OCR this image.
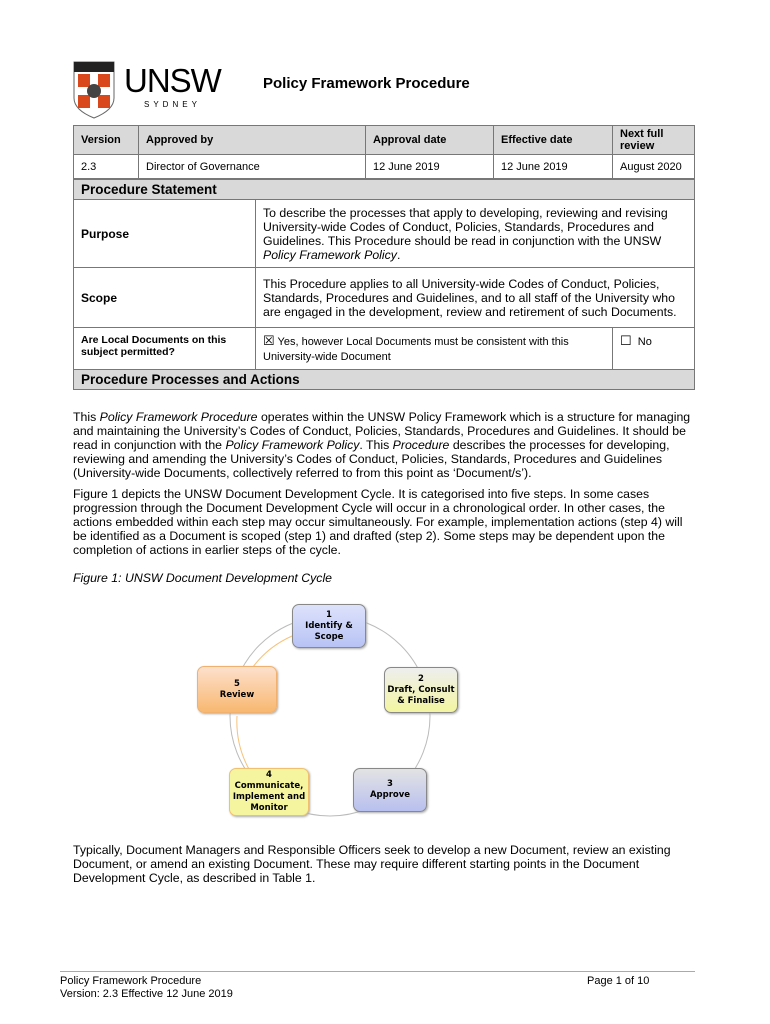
UNSW
SYDNEY
Policy Framework Procedure
Version	Approved by	Approval date	Effective date	Next full review
2.3	Director of Governance	12 June 2019	12 June 2019	August 2020
Procedure Statement		
Purpose	To describe the processes that apply to developing, reviewing and revising University-wide Codes of Conduct, Policies, Standards, Procedures and Guidelines. This Procedure should be read in conjunction with the UNSW Policy Framework Policy.	
Scope	This Procedure applies to all University-wide Codes of Conduct, Policies, Standards, Procedures and Guidelines, and to all staff of the University who are engaged in the development, review and retirement of such Documents.	
Are Local Documents on this subject permitted?	☒ Yes, however Local Documents must be consistent with this University-wide Document	☐ No
Procedure Processes and Actions		

This Policy Framework Procedure operates within the UNSW Policy Framework which is a structure for managing and maintaining the University’s Codes of Conduct, Policies, Standards, Procedures and Guidelines. It should be read in conjunction with the Policy Framework Policy. This Procedure describes the processes for developing, reviewing and amending the University’s Codes of Conduct, Policies, Standards, Procedures and Guidelines (University-wide Documents, collectively referred to from this point as ‘Document/s’).

Figure 1 depicts the UNSW Document Development Cycle. It is categorised into five steps. In some cases progression through the Document Development Cycle will occur in a chronological order. In other cases, the actions embedded within each step may occur simultaneously. For example, implementation actions (step 4) will be identified as a Document is scoped (step 1) and drafted (step 2). Some steps may be dependent upon the completion of actions in earlier steps of the cycle.

Figure 1: UNSW Document Development Cycle

1
Identify & Scope
2
Draft, Consult & Finalise
3
Approve
4
Communicate, Implement and Monitor
5
Review

Typically, Document Managers and Responsible Officers seek to develop a new Document, review an existing Document, or amend an existing Document. These may require different starting points in the Document Development Cycle, as described in Table 1.

Policy Framework Procedure
Version: 2.3 Effective 12 June 2019
Page 1 of 10
